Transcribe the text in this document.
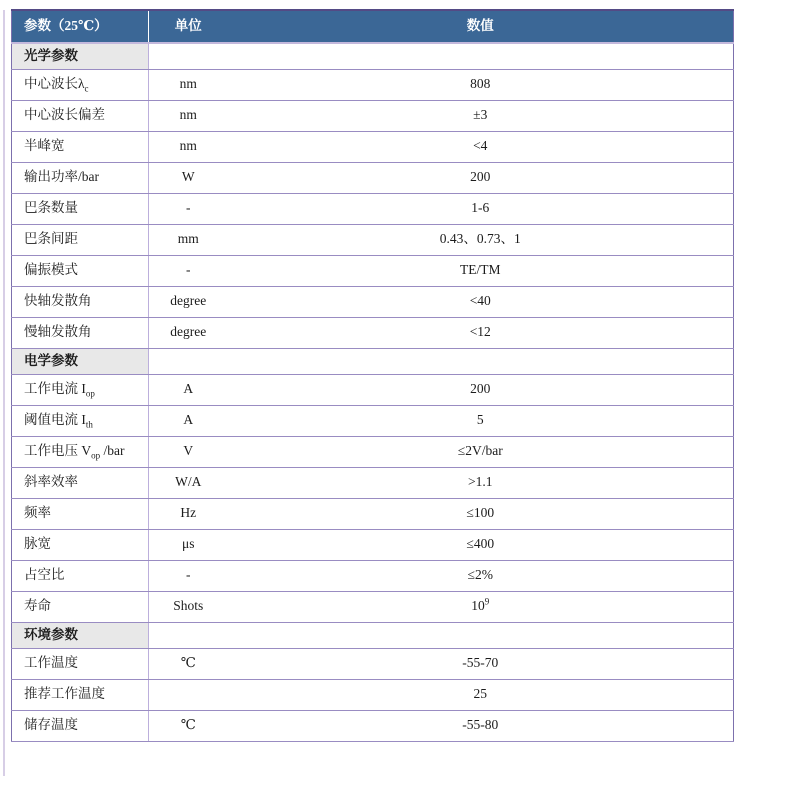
参数（25℃）	单位	数值
光学参数		
中心波长$\lambda_c$	nm	808
中心波长偏差	nm	±3
半峰宽	nm	<4
输出功率/bar	W	200
巴条数量	-	1-6
巴条间距	mm	0.43、0.73、1
偏振模式	-	TE/TM
快轴发散角	degree	<40
慢轴发散角	degree	<12
电学参数		
工作电流 $I_{op}$	A	200
阈值电流 $I_{th}$	A	5
工作电压 $V_{op}$ /bar	V	≤2V/bar
斜率效率	W/A	>1.1
频率	Hz	≤100
脉宽	μs	≤400
占空比	-	≤2%
寿命	Shots	$10^9$
环境参数		
工作温度	℃	-55-70
推荐工作温度		25
储存温度	℃	-55-80
